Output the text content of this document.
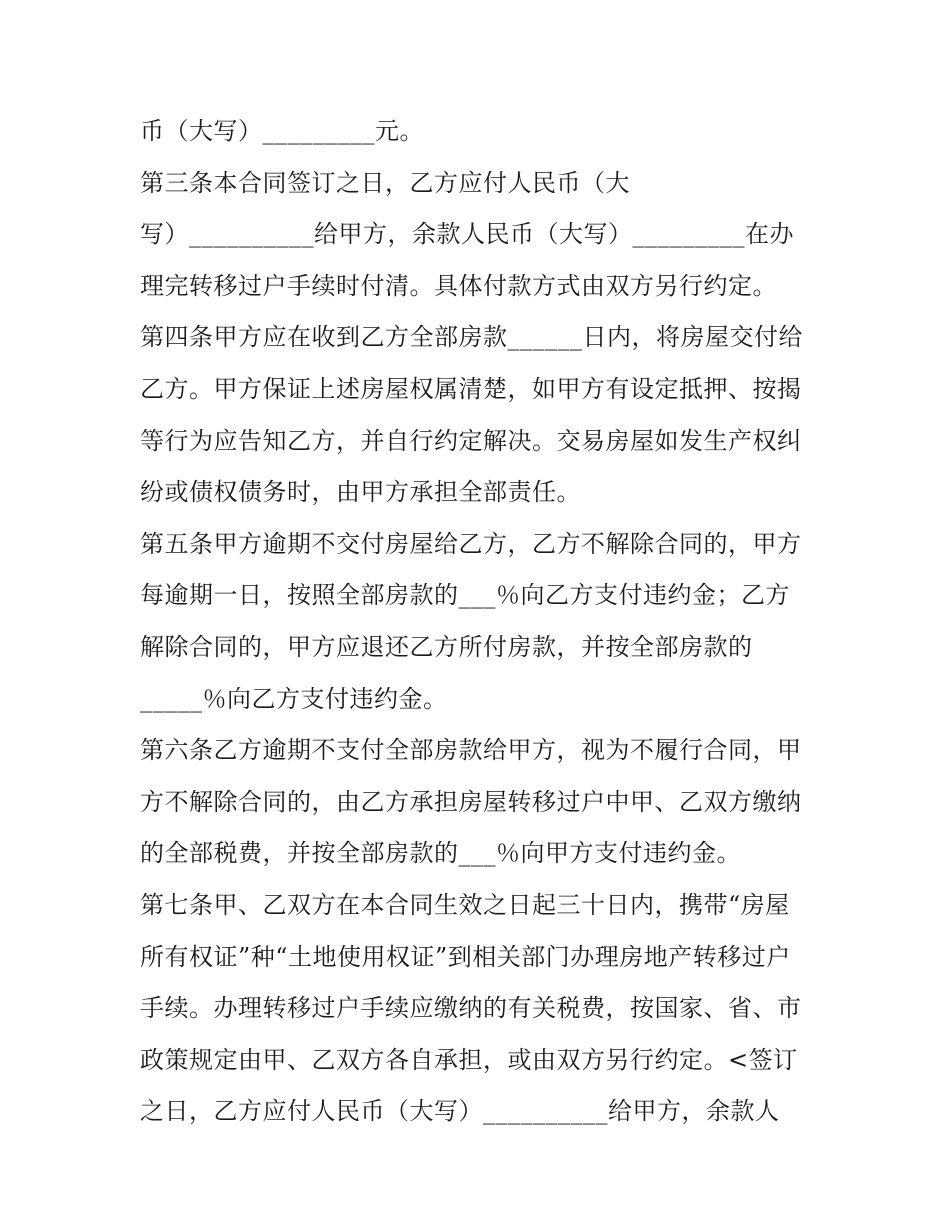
币（大写）_________元。
第三条本合同签订之日，乙方应付人民币（大
写）__________给甲方，余款人民币（大写）_________在办
理完转移过户手续时付清。具体付款方式由双方另行约定。
第四条甲方应在收到乙方全部房款______日内，将房屋交付给
乙方。甲方保证上述房屋权属清楚，如甲方有设定抵押、按揭
等行为应告知乙方，并自行约定解决。交易房屋如发生产权纠
纷或债权债务时，由甲方承担全部责任。
第五条甲方逾期不交付房屋给乙方，乙方不解除合同的，甲方
每逾期一日，按照全部房款的___％向乙方支付违约金；乙方
解除合同的，甲方应退还乙方所付房款，并按全部房款的
_____％向乙方支付违约金。
第六条乙方逾期不支付全部房款给甲方，视为不履行合同，甲
方不解除合同的，由乙方承担房屋转移过户中甲、乙双方缴纳
的全部税费，并按全部房款的___％向甲方支付违约金。
第七条甲、乙双方在本合同生效之日起三十日内，携带“房屋
所有权证”种“土地使用权证”到相关部门办理房地产转移过户
手续。办理转移过户手续应缴纳的有关税费，按国家、省、市
政策规定由甲、乙双方各自承担，或由双方另行约定。<签订
之日，乙方应付人民币（大写）__________给甲方，余款人
